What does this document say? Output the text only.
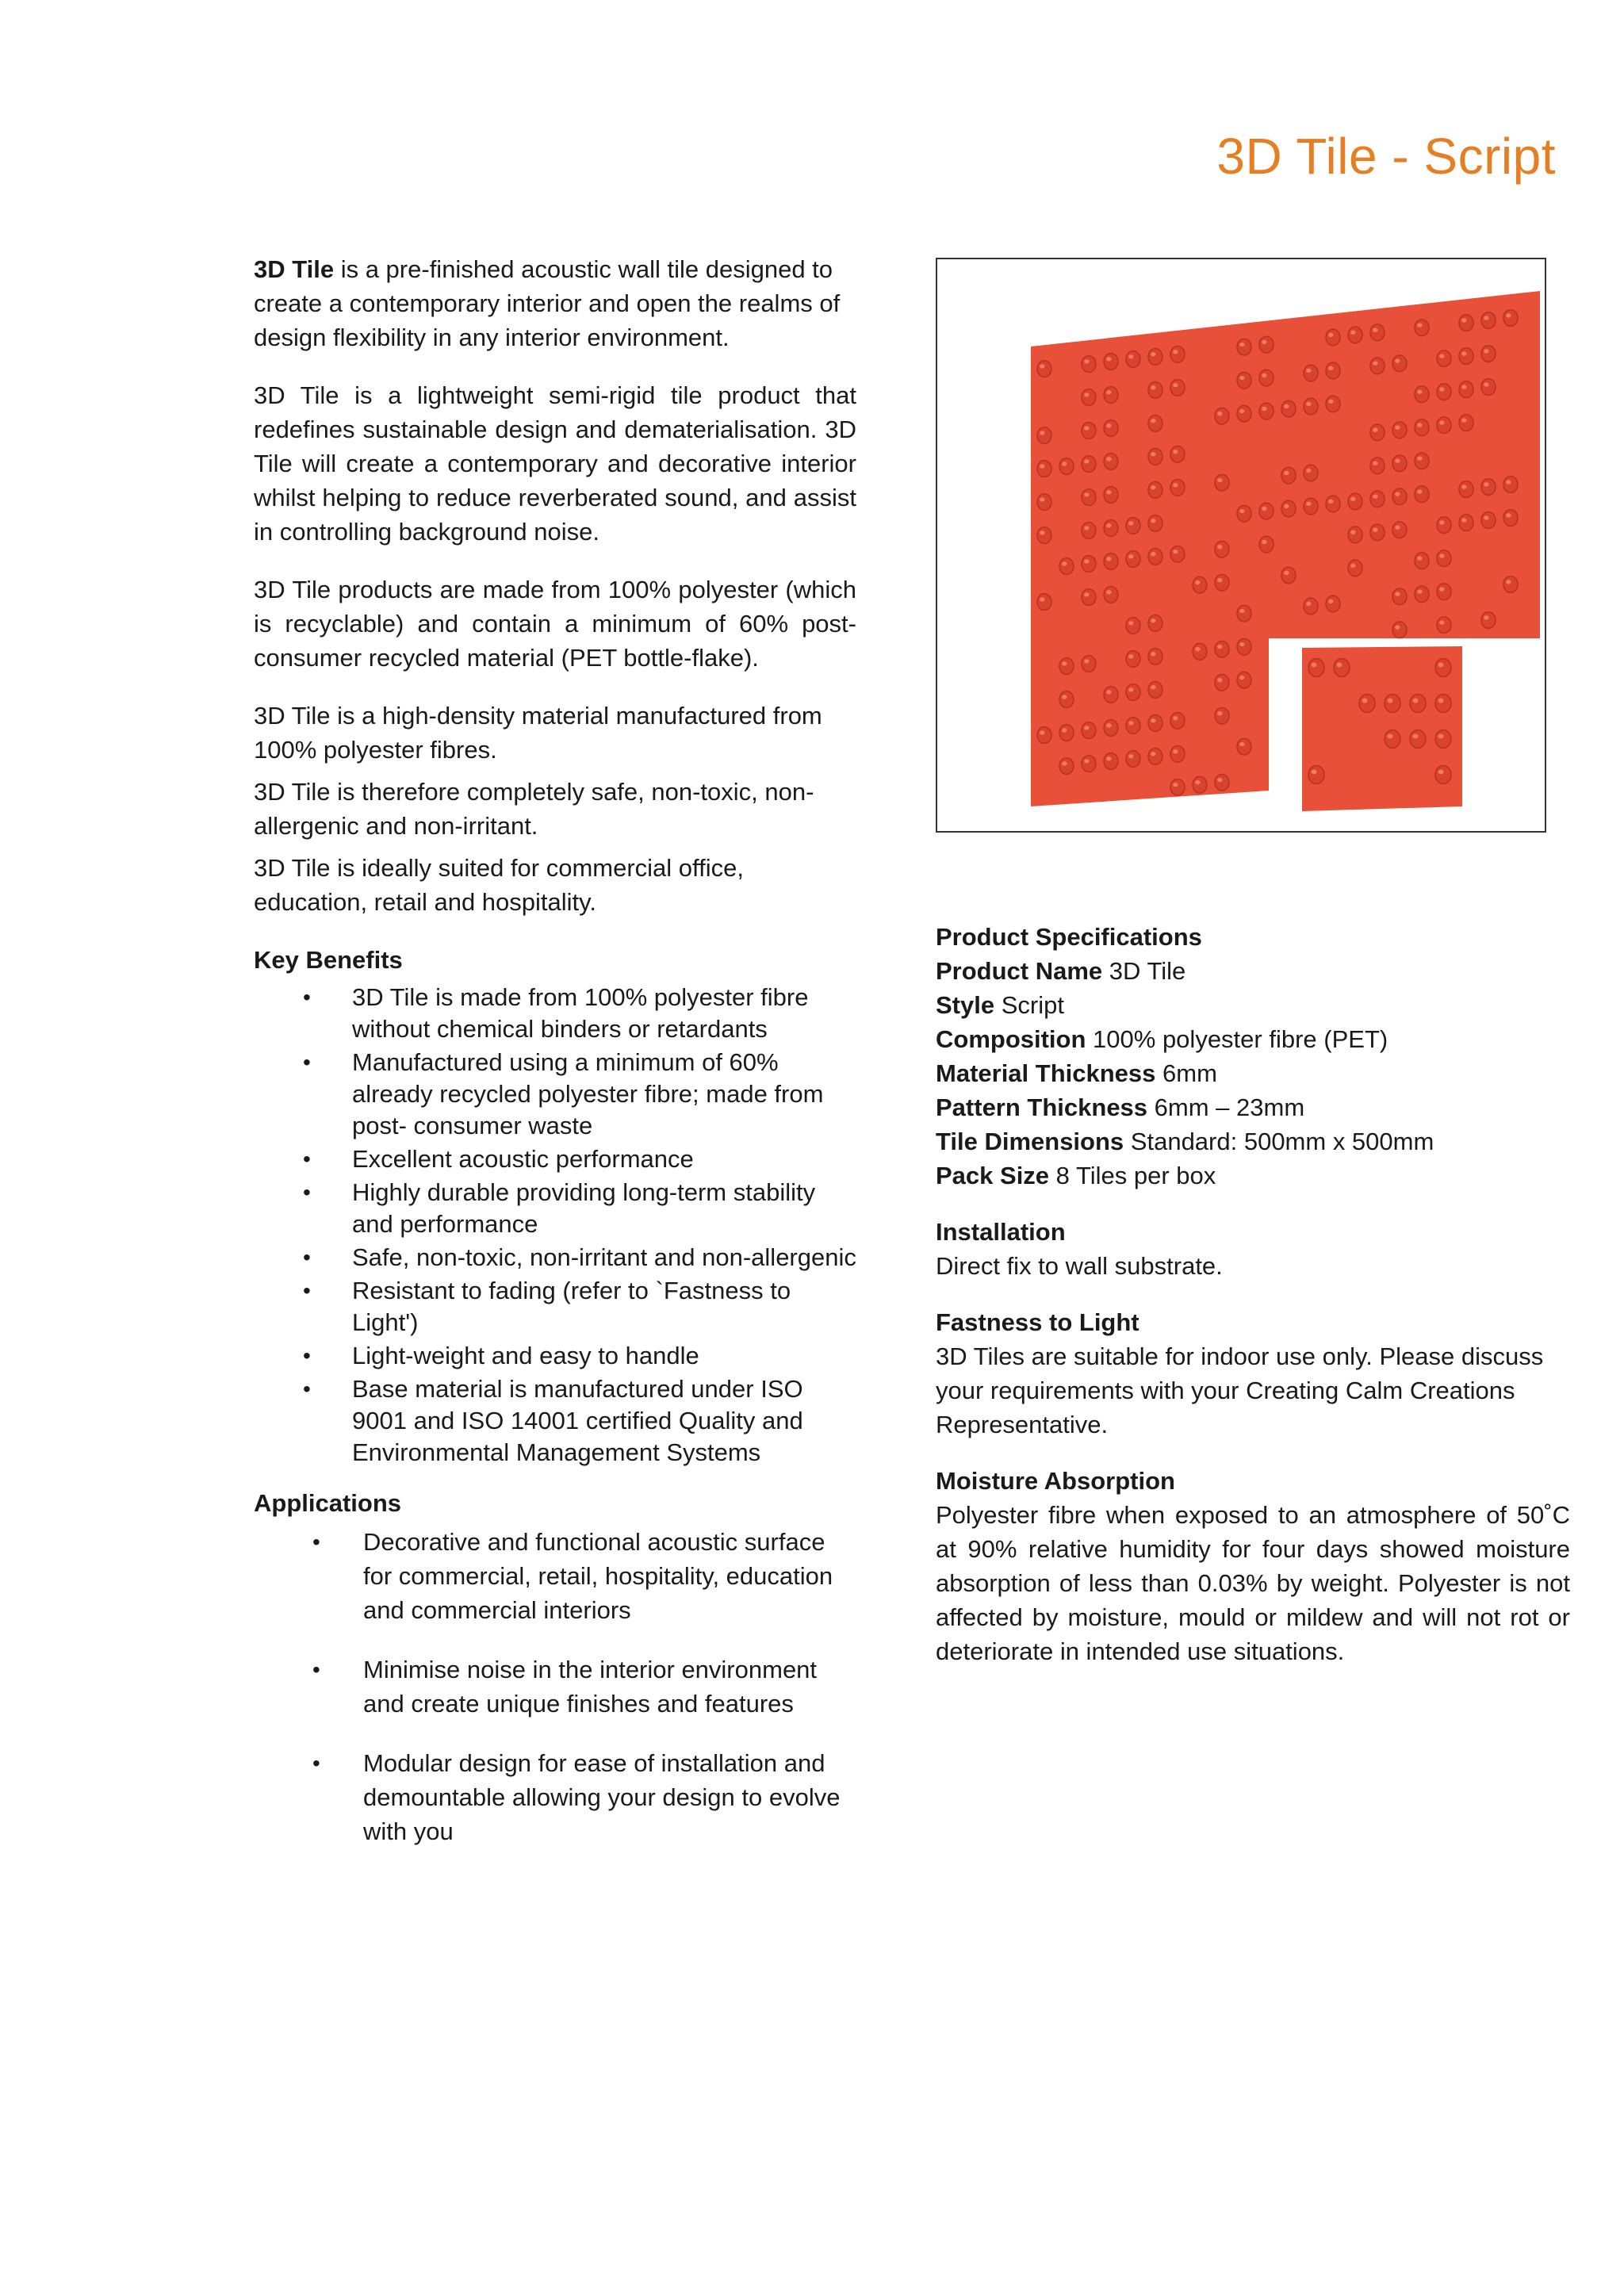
3D Tile - Script

3D Tile is a pre-finished acoustic wall tile designed to create a contemporary interior and open the realms of design flexibility in any interior environment.

3D Tile is a lightweight semi-rigid tile product that redefines sustainable design and dematerialisation. 3D Tile will create a contemporary and decorative interior whilst helping to reduce reverberated sound, and assist in controlling background noise.

3D Tile products are made from 100% polyester (which is recyclable) and contain a minimum of 60% post-consumer recycled material (PET bottle-flake).

3D Tile is a high-density material manufactured from 100% polyester fibres.

3D Tile is therefore completely safe, non-toxic, non-allergenic and non-irritant.

3D Tile is ideally suited for commercial office, education, retail and hospitality.

Key Benefits
• 3D Tile is made from 100% polyester fibre without chemical binders or retardants
• Manufactured using a minimum of 60% already recycled polyester fibre; made from post- consumer waste
• Excellent acoustic performance
• Highly durable providing long-term stability and performance
• Safe, non-toxic, non-irritant and non-allergenic
• Resistant to fading (refer to `Fastness to Light')
• Light-weight and easy to handle
• Base material is manufactured under ISO 9001 and ISO 14001 certified Quality and Environmental Management Systems
Applications
• Decorative and functional acoustic surface for commercial, retail, hospitality, education and commercial interiors
• Minimise noise in the interior environment and create unique finishes and features
• Modular design for ease of installation and demountable allowing your design to evolve with you
Product Specifications
Product Name 3D Tile
Style Script
Composition 100% polyester fibre (PET)
Material Thickness 6mm
Pattern Thickness 6mm – 23mm
Tile Dimensions Standard: 500mm x 500mm
Pack Size 8 Tiles per box
Installation

Direct fix to wall substrate.

Fastness to Light

3D Tiles are suitable for indoor use only. Please discuss your requirements with your Creating Calm Creations Representative.

Moisture Absorption

Polyester fibre when exposed to an atmosphere of 50˚C at 90% relative humidity for four days showed moisture absorption of less than 0.03% by weight. Polyester is not affected by moisture, mould or mildew and will not rot or deteriorate in intended use situations.
